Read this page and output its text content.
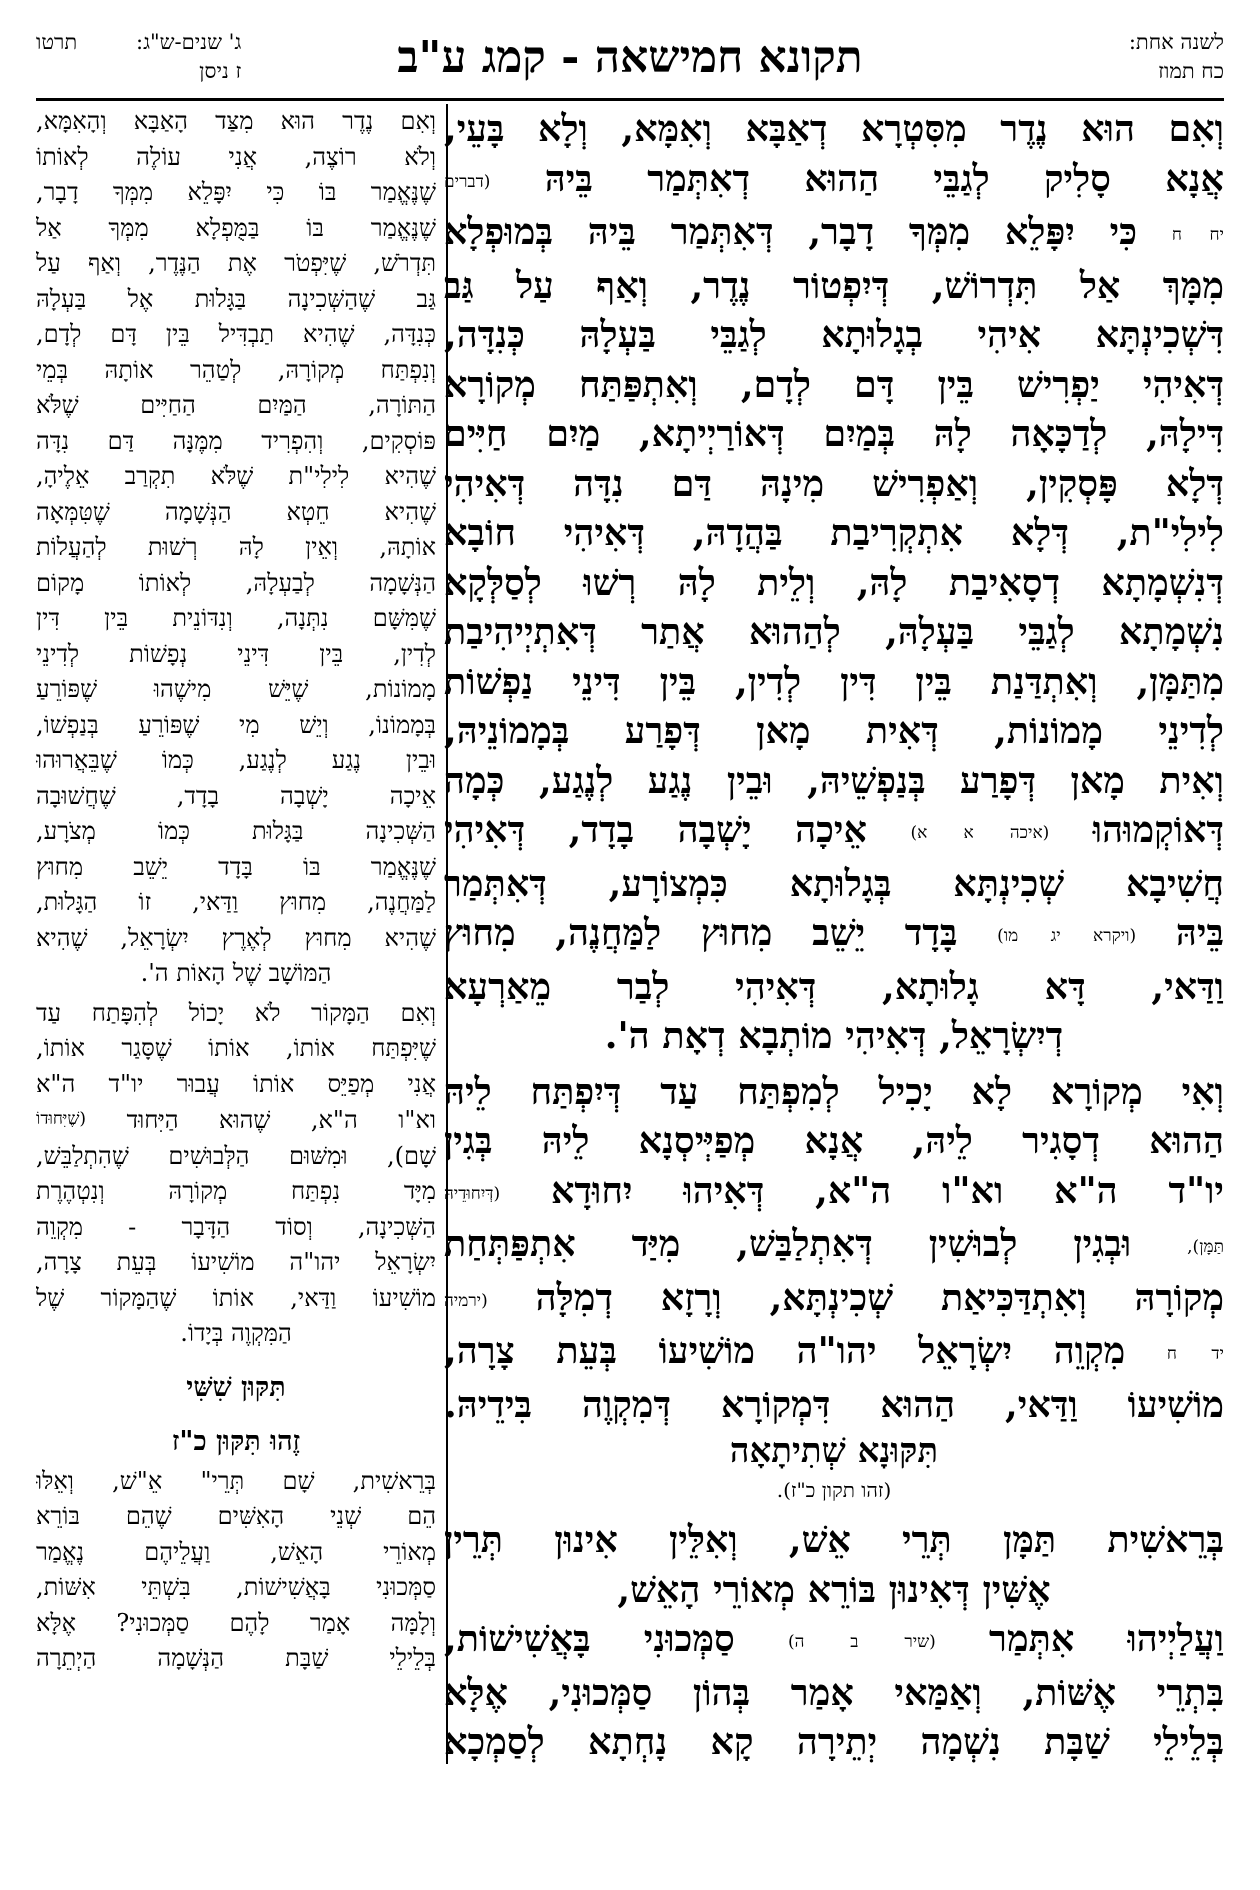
לשנה אחת:
כח תמוז
תקונא חמישאה - קמג ע"ב
ג' שנים-ש"ג:
ז ניסן
תרטו
וְאִם הוּא נֶדֶר מִסִּטְרָא דְאַבָּא וְאִמָּא, וְלָא בָּעֵי,
אֲנָא סָלִיק לְגַבֵּי הַהוּא דְאִתְּמַר בֵּיהּ (דברים
יח ח כִּי יִפָּלֵא מִמְּךָ דָבָר, דְּאִתְּמַר בֵּיהּ בְּמוּפְלָא
מִמָּךְ אַל תִּדְרוֹשׁ, דְּיִפְטוֹר נֶדֶר, וְאַף עַל גַּב
דִּשְׁכִינְתָּא אִיהִי בְגָלוּתָא לְגַבֵּי בַּעְלָהּ כְּנִדָּה,
דְּאִיהִי יַפְרִישׁ בֵּין דָּם לְדָם, וְאִתְפַּתַּח מְקוֹרָא
דִּילָהּ, לְדַכָּאָה לָהּ בְּמַיִם דְּאוֹרַיְיתָא, מַיִם חַיִּים
דְּלָא פָּסְקִין, וְאַפְרִישׁ מִינָהּ דַּם נִדָּה דְּאִיהִי
לִילִי"ת, דְּלָא אִתְקְרִיבַת בַּהֲדָהּ, דְּאִיהִי חוֹבָא
דְּנִשְׁמָתָא דְסָאִיבַת לָהּ, וְלֵית לָהּ רְשׁוּ לְסַלְּקָא
נִשְׁמָתָא לְגַבֵּי בַּעְלָהּ, לְהַהוּא אֲתַר דְּאִתְיְיהִיבַת
מִתַּמָּן, וְאִתְדַּנַת בֵּין דִּין לְדִין, בֵּין דִּינֵי נַפְשׁוֹת
לְדִינֵי מָמוֹנוֹת, דְּאִית מָאן דְּפָרַע בְּמָמוֹנֵיהּ,
וְאִית מָאן דְּפָרַע בְּנַפְשֵׁיהּ, וּבֵין נֶגַע לְנֶגַע, כְּמָה
דְּאוֹקְמוּהוּ (איכה א א) אֵיכָה יָשְׁבָה בָדָד, דְּאִיהִי
חֲשִׁיבָא שְׁכִינְתָּא בְּגָלוּתָא כִּמְצוֹרָע, דְּאִתְּמַר
בֵּיהּ (ויקרא יג מו) בָּדָד יֵשֵׁב מִחוּץ לַמַּחֲנֶה, מִחוּץ
וַדַּאי, דָּא גָלוּתָא, דְּאִיהִי לְבַר מֵאַרְעָא
דְיִשְׂרָאֵל, דְּאִיהִי מוֹתְבָא דְאָת ה'.
וְאִי מְקוֹרָא לָא יָכִיל לְמִפְתַּח עַד דְּיִפְתַּח לֵיהּ
הַהוּא דְסָגִיר לֵיהּ, אֲנָא מְפַיְּיסְנָא לֵיהּ בְּגִין
יו"ד ה"א וא"ו ה"א, דְּאִיהוּ יִחוּדָא (דְּיִחוּדֵיהּ
תַּמָּן), וּבְגִין לְבוּשִׁין דְּאִתְלַבַּשׁ, מִיַּד אִתְפַּתְּחַת
מְקוֹרָהּ וְאִתְדַּכִּיאַת שְׁכִינְתָּא, וְרָזָא דְמִלָּה (ירמיה
יד ח מִקְוֵה יִשְׂרָאֵל יהו"ה מוֹשִׁיעוֹ בְּעֵת צָרָה,
מוֹשִׁיעוֹ וַדַּאי, הַהוּא דִּמְקוֹרָא דְּמִקְוֶה בִּידֵיהּ.
תִּקּוּנָא שְׁתִיתָאָה
(זהו תקון כ"ז).
בְּרֵאשִׁית תַּמָּן תְּרֵי אֵשׁ, וְאִלֵּין אִינוּן תְּרֵין
אֶשִּׁין דְּאִינוּן בּוֹרֵא מְאוֹרֵי הָאֵשׁ,
וַעֲלַיְיהוּ אִתְּמַר (שיר ב ה) סַמְּכוּנִי בָּאֲשִׁישׁוֹת,
בִּתְרֵי אֶשּׁוֹת, וְאַמַּאי אָמַר בְּהוֹן סַמְּכוּנִי, אֶלָּא
בְּלֵילֵי שַׁבָּת נִשְׁמָה יְתֵירָה קָא נָחְתָא לְסַמְכָא
וְאִם נֶדֶר הוּא מִצַּד הָאַבָּא וְהָאִמָּא,
וְלֹא רוֹצֶה, אֲנִי עוֹלֶה לְאוֹתוֹ
שֶׁנֶּאֱמַר בּוֹ כִּי יִפָּלֵא מִמְּךָ דָבָר,
שֶׁנֶּאֱמַר בּוֹ בַּמֻּפְלָא מִמְּךָ אַל
תִּדְרֹשׁ, שֶׁיִּפְטֹר אֶת הַנֶּדֶר, וְאַף עַל
גַּב שֶׁהַשְּׁכִינָה בַּגָּלוּת אֶל בַּעְלָהּ
כְּנִדָּה, שֶׁהִיא תַבְדִּיל בֵּין דָּם לְדָם,
וְנִפְתַּח מְקוֹרָהּ, לְטַהֵר אוֹתָהּ בְּמֵי
הַתּוֹרָה, הַמַּיִם הַחַיִּים שֶׁלֹּא
פּוֹסְקִים, וְהִפְרִיד מִמֶּנָּה דַּם נִדָּה
שֶׁהִיא לִילִי"ת שֶׁלֹּא תִקְרַב אֵלֶיהָ,
שֶׁהִיא חֵטְא הַנְּשָׁמָה שֶׁטִּמְּאָה
אוֹתָהּ, וְאֵין לָהּ רְשׁוּת לְהַעֲלוֹת
הַנְּשָׁמָה לְבַעְלָהּ, לְאוֹתוֹ מָקוֹם
שֶׁמִּשָּׁם נִתְּנָה, וְנִדּוֹנֵית בֵּין דִּין
לְדִין, בֵּין דִּינֵי נְפָשׁוֹת לְדִינֵי
מָמוֹנוֹת, שֶׁיֵּשׁ מִישֶׁהוּ שֶׁפּוֹרֵעַ
בְּמָמוֹנוֹ, וְיֵשׁ מִי שֶׁפּוֹרֵעַ בְּנַפְשׁוֹ,
וּבֵין נֶגַע לְנֶגַע, כְּמוֹ שֶׁבֵּאֲרוּהוּ
אֵיכָה יָשְׁבָה בָדָד, שֶׁחֲשׁוּבָה
הַשְּׁכִינָה בַּגָּלוּת כְּמוֹ מְצֹרָע,
שֶׁנֶּאֱמַר בּוֹ בָּדָד יֵשֵׁב מִחוּץ
לַמַּחֲנֶה, מִחוּץ וַדַּאי, זוֹ הַגָּלוּת,
שֶׁהִיא מִחוּץ לְאֶרֶץ יִשְׂרָאֵל, שֶׁהִיא
הַמּוֹשָׁב שֶׁל הָאוֹת ה'.
וְאִם הַמָּקוֹר לֹא יָכוֹל לְהִפָּתַח עַד
שֶׁיִּפְתַּח אוֹתוֹ, אוֹתוֹ שֶׁסָּגַר אוֹתוֹ,
אֲנִי מְפַיֵּס אוֹתוֹ עֲבוּר יו"ד ה"א
וא"ו ה"א, שֶׁהוּא הַיִּחוּד (שֶׁיִּחוּדוֹ
שָׁם), וּמִשּׁוּם הַלְּבוּשִׁים שֶׁהִתְלַבֵּשׁ,
מִיָּד נִפְתַּח מְקוֹרָהּ וְנִטְהֶרֶת
הַשְּׁכִינָה, וְסוֹד הַדָּבָר - מִקְוֵה
יִשְׂרָאֵל יהו"ה מוֹשִׁיעוֹ בְּעֵת צָרָה,
מוֹשִׁיעוֹ וַדַּאי, אוֹתוֹ שֶׁהַמָּקוֹר שֶׁל
הַמִּקְוֶה בְּיָדוֹ.
תִּקּוּן שִׁשִּׁי
זֶהוּ תִּקּוּן כ"ז
בְּרֵאשִׁית, שָׁם תְּרֵי" אֵ"שׁ, וְאֵלּוּ
הֵם שְׁנֵי הָאִשִּׁים שֶׁהֵם בּוֹרֵא
מְאוֹרֵי הָאֵשׁ, וַעֲלֵיהֶם נֶאֱמַר
סַמְּכוּנִי בָּאֲשִׁישׁוֹת, בִּשְׁתֵּי אִשּׁוֹת,
וְלָמָּה אָמַר לָהֶם סַמְּכוּנִי? אֶלָּא
בְּלֵילֵי שַׁבָּת הַנְּשָׁמָה הַיְתֵרָה
